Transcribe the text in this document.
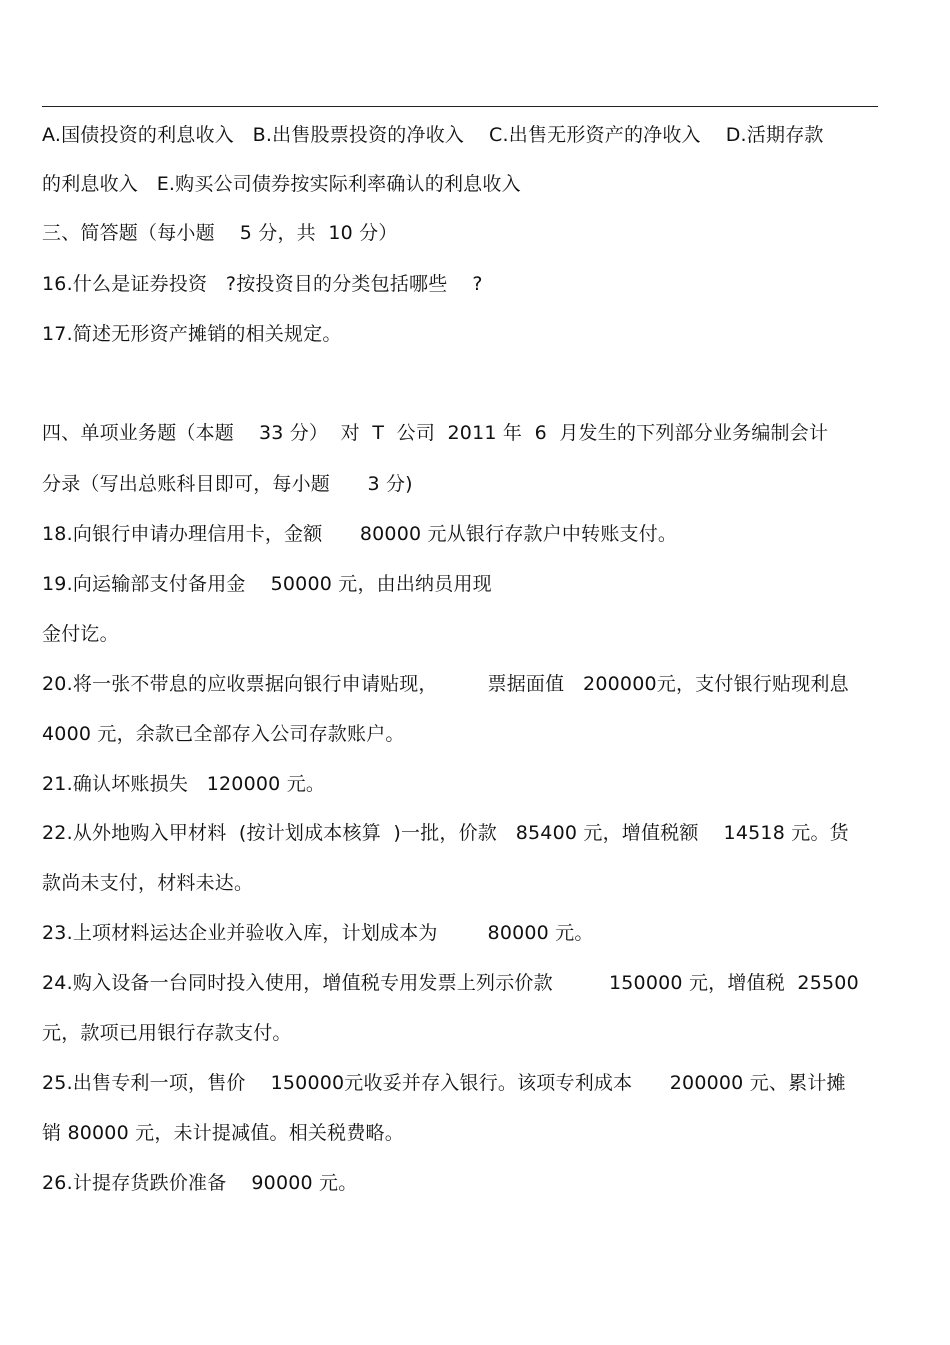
A.国债投资的利息收入   B.出售股票投资的净收入    C.出售无形资产的净收入    D.活期存款
的利息收入   E.购买公司债券按实际利率确认的利息收入
三、简答题（每小题    5 分，共  10 分）
16.什么是证券投资   ?按投资目的分类包括哪些    ?
17.简述无形资产摊销的相关规定。
四、单项业务题（本题    33 分）  对  T  公司  2011 年  6  月发生的下列部分业务编制会计
分录（写出总账科目即可，每小题      3 分)
18.向银行申请办理信用卡，金额      80000 元从银行存款户中转账支付。
19.向运输部支付备用金    50000 元，由出纳员用现
金付讫。
20.将一张不带息的应收票据向银行申请贴现，        票据面值   200000元，支付银行贴现利息
4000 元，余款已全部存入公司存款账户。
21.确认坏账损失   120000 元。
22.从外地购入甲材料  (按计划成本核算  )一批，价款   85400 元，增值税额    14518 元。货
款尚未支付，材料未达。
23.上项材料运达企业并验收入库，计划成本为        80000 元。
24.购入设备一台同时投入使用，增值税专用发票上列示价款         150000 元，增值税  25500
元，款项已用银行存款支付。
25.出售专利一项，售价    150000元收妥并存入银行。该项专利成本      200000 元、累计摊
销 80000 元，未计提减值。相关税费略。
26.计提存货跌价准备    90000 元。
